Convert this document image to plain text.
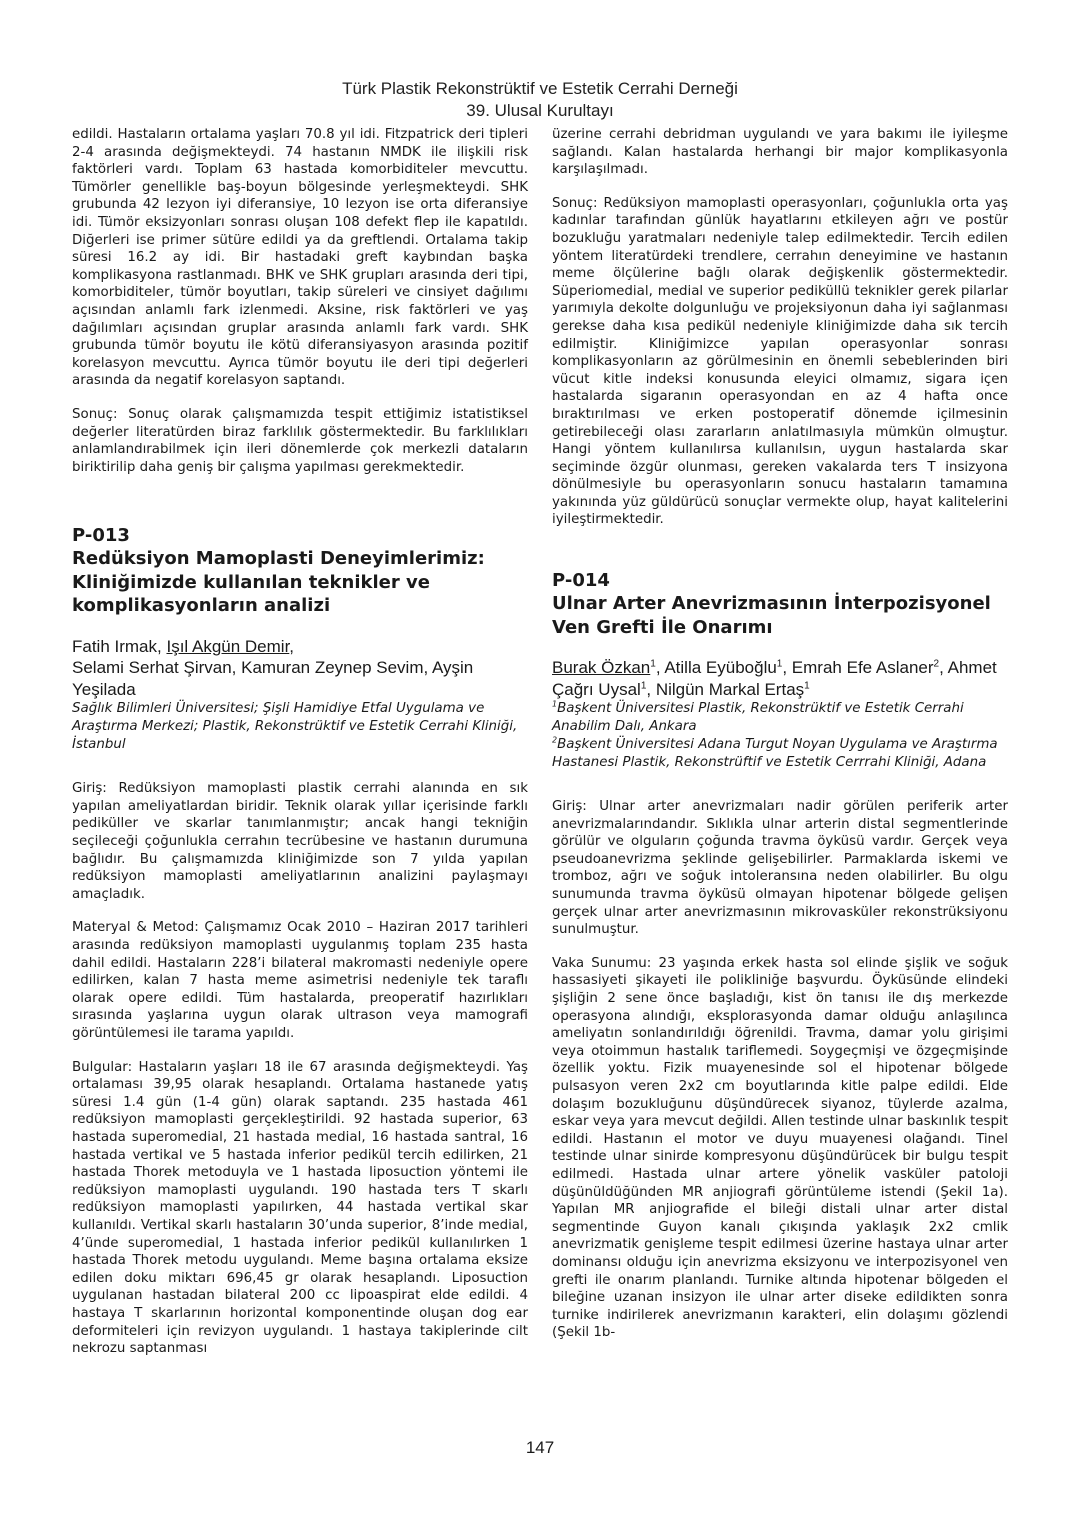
Türk Plastik Rekonstrüktif ve Estetik Cerrahi Derneği
39. Ulusal Kurultayı

edildi. Hastaların ortalama yaşları 70.8 yıl idi. Fitzpatrick deri tipleri 2-4 arasında değişmekteydi. 74 hastanın NMDK ile ilişkili risk faktörleri vardı. Toplam 63 hastada komorbiditeler mevcuttu. Tümörler genellikle baş-boyun bölgesinde yerleşmekteydi. SHK grubunda 42 lezyon iyi diferansiye, 10 lezyon ise orta diferansiye idi. Tümör eksizyonları sonrası oluşan 108 defekt flep ile kapatıldı. Diğerleri ise primer sütüre edildi ya da greftlendi. Ortalama takip süresi 16.2 ay idi. Bir hastadaki greft kaybından başka komplikasyona rastlanmadı. BHK ve SHK grupları arasında deri tipi, komorbiditeler, tümör boyutları, takip süreleri ve cinsiyet dağılımı açısından anlamlı fark izlenmedi. Aksine, risk faktörleri ve yaş dağılımları açısından gruplar arasında anlamlı fark vardı. SHK grubunda tümör boyutu ile kötü diferansiyasyon arasında pozitif korelasyon mevcuttu. Ayrıca tümör boyutu ile deri tipi değerleri arasında da negatif korelasyon saptandı.

Sonuç: Sonuç olarak çalışmamızda tespit ettiğimiz istatistiksel değerler literatürden biraz farklılık göstermektedir. Bu farklılıkları anlamlandırabilmek için ileri dönemlerde çok merkezli dataların biriktirilip daha geniş bir çalışma yapılması gerekmektedir.

P-013

Redüksiyon Mamoplasti Deneyimlerimiz: Kliniğimizde kullanılan teknikler ve komplikasyonların analizi

Fatih Irmak, Işıl Akgün Demir,
Selami Serhat Şirvan, Kamuran Zeynep Sevim, Ayşin Yeşilada

Sağlık Bilimleri Üniversitesi; Şişli Hamidiye Etfal Uygulama ve Araştırma Merkezi; Plastik, Rekonstrüktif ve Estetik Cerrahi Kliniği, İstanbul

Giriş: Redüksiyon mamoplasti plastik cerrahi alanında en sık yapılan ameliyatlardan biridir. Teknik olarak yıllar içerisinde farklı pediküller ve skarlar tanımlanmıştır; ancak hangi tekniğin seçileceği çoğunlukla cerrahın tecrübesine ve hastanın durumuna bağlıdır. Bu çalışmamızda kliniğimizde son 7 yılda yapılan redüksiyon mamoplasti ameliyatlarının analizini paylaşmayı amaçladık.

Materyal & Metod: Çalışmamız Ocak 2010 – Haziran 2017 tarihleri arasında redüksiyon mamoplasti uygulanmış toplam 235 hasta dahil edildi. Hastaların 228’i bilateral makromasti nedeniyle opere edilirken, kalan 7 hasta meme asimetrisi nedeniyle tek taraflı olarak opere edildi. Tüm hastalarda, preoperatif hazırlıkları sırasında yaşlarına uygun olarak ultrason veya mamografi görüntülemesi ile tarama yapıldı.

Bulgular: Hastaların yaşları 18 ile 67 arasında değişmekteydi. Yaş ortalaması 39,95 olarak hesaplandı. Ortalama hastanede yatış süresi 1.4 gün (1-4 gün) olarak saptandı. 235 hastada 461 redüksiyon mamoplasti gerçekleştirildi. 92 hastada superior, 63 hastada superomedial, 21 hastada medial, 16 hastada santral, 16 hastada vertikal ve 5 hastada inferior pedikül tercih edilirken, 21 hastada Thorek metoduyla ve 1 hastada liposuction yöntemi ile redüksiyon mamoplasti uygulandı. 190 hastada ters T skarlı redüksiyon mamoplasti yapılırken, 44 hastada vertikal skar kullanıldı. Vertikal skarlı hastaların 30’unda superior, 8’inde medial, 4’ünde superomedial, 1 hastada inferior pedikül kullanılırken 1 hastada Thorek metodu uygulandı. Meme başına ortalama eksize edilen doku miktarı 696,45 gr olarak hesaplandı. Liposuction uygulanan hastadan bilateral 200 cc lipoaspirat elde edildi. 4 hastaya T skarlarının horizontal komponentinde oluşan dog ear deformiteleri için revizyon uygulandı. 1 hastaya takiplerinde cilt nekrozu saptanması

üzerine cerrahi debridman uygulandı ve yara bakımı ile iyileşme sağlandı. Kalan hastalarda herhangi bir major komplikasyonla karşılaşılmadı.

Sonuç: Redüksiyon mamoplasti operasyonları, çoğunlukla orta yaş kadınlar tarafından günlük hayatlarını etkileyen ağrı ve postür bozukluğu yaratmaları nedeniyle talep edilmektedir. Tercih edilen yöntem literatürdeki trendlere, cerrahın deneyimine ve hastanın meme ölçülerine bağlı olarak değişkenlik göstermektedir. Süperiomedial, medial ve superior pediküllü teknikler gerek pilarlar yarımıyla dekolte dolgunluğu ve projeksiyonun daha iyi sağlanması gerekse daha kısa pedikül nedeniyle kliniğimizde daha sık tercih edilmiştir. Kliniğimizce yapılan operasyonlar sonrası komplikasyonların az görülmesinin en önemli sebeblerinden biri vücut kitle indeksi konusunda eleyici olmamız, sigara içen hastalarda sigaranın operasyondan en az 4 hafta once bıraktırılması ve erken postoperatif dönemde içilmesinin getirebileceği olası zararların anlatılmasıyla mümkün olmuştur. Hangi yöntem kullanılırsa kullanılsın, uygun hastalarda skar seçiminde özgür olunması, gereken vakalarda ters T insizyona dönülmesiyle bu operasyonların sonucu hastaların tamamına yakınında yüz güldürücü sonuçlar vermekte olup, hayat kalitelerini iyileştirmektedir.

P-014

Ulnar Arter Anevrizmasının İnterpozisyonel Ven Grefti İle Onarımı

Burak Özkan$^1$, Atilla Eyüboğlu$^1$, Emrah Efe Aslaner$^2$, Ahmet Çağrı Uysal$^1$, Nilgün Markal Ertaş$^1$

$^1$Başkent Üniversitesi Plastik, Rekonstrüktif ve Estetik Cerrahi Anabilim Dalı, Ankara
$^2$Başkent Üniversitesi Adana Turgut Noyan Uygulama ve Araştırma Hastanesi Plastik, Rekonstrüftif ve Estetik Cerrrahi Kliniği, Adana

Giriş: Ulnar arter anevrizmaları nadir görülen periferik arter anevrizmalarındandır. Sıklıkla ulnar arterin distal segmentlerinde görülür ve olguların çoğunda travma öyküsü vardır. Gerçek veya pseudoanevrizma şeklinde gelişebilirler. Parmaklarda iskemi ve tromboz, ağrı ve soğuk intoleransına neden olabilirler. Bu olgu sunumunda travma öyküsü olmayan hipotenar bölgede gelişen gerçek ulnar arter anevrizmasının mikrovasküler rekonstrüksiyonu sunulmuştur.

Vaka Sunumu: 23 yaşında erkek hasta sol elinde şişlik ve soğuk hassasiyeti şikayeti ile polikliniğe başvurdu. Öyküsünde elindeki şişliğin 2 sene önce başladığı, kist ön tanısı ile dış merkezde operasyona alındığı, eksplorasyonda damar olduğu anlaşılınca ameliyatın sonlandırıldığı öğrenildi. Travma, damar yolu girişimi veya otoimmun hastalık tariflemedi. Soygeçmişi ve özgeçmişinde özellik yoktu. Fizik muayenesinde sol el hipotenar bölgede pulsasyon veren 2x2 cm boyutlarında kitle palpe edildi. Elde dolaşım bozukluğunu düşündürecek siyanoz, tüylerde azalma, eskar veya yara mevcut değildi. Allen testinde ulnar baskınlık tespit edildi. Hastanın el motor ve duyu muayenesi olağandı. Tinel testinde ulnar sinirde kompresyonu düşündürücek bir bulgu tespit edilmedi. Hastada ulnar artere yönelik vasküler patoloji düşünüldüğünden MR anjiografi görüntüleme istendi (Şekil 1a). Yapılan MR anjiografide el bileği distali ulnar arter distal segmentinde Guyon kanalı çıkışında yaklaşık 2x2 cmlik anevrizmatik genişleme tespit edilmesi üzerine hastaya ulnar arter dominansı olduğu için anevrizma eksizyonu ve interpozisyonel ven grefti ile onarım planlandı. Turnike altında hipotenar bölgeden el bileğine uzanan insizyon ile ulnar arter diseke edildikten sonra turnike indirilerek anevrizmanın karakteri, elin dolaşımı gözlendi (Şekil 1b-

147
